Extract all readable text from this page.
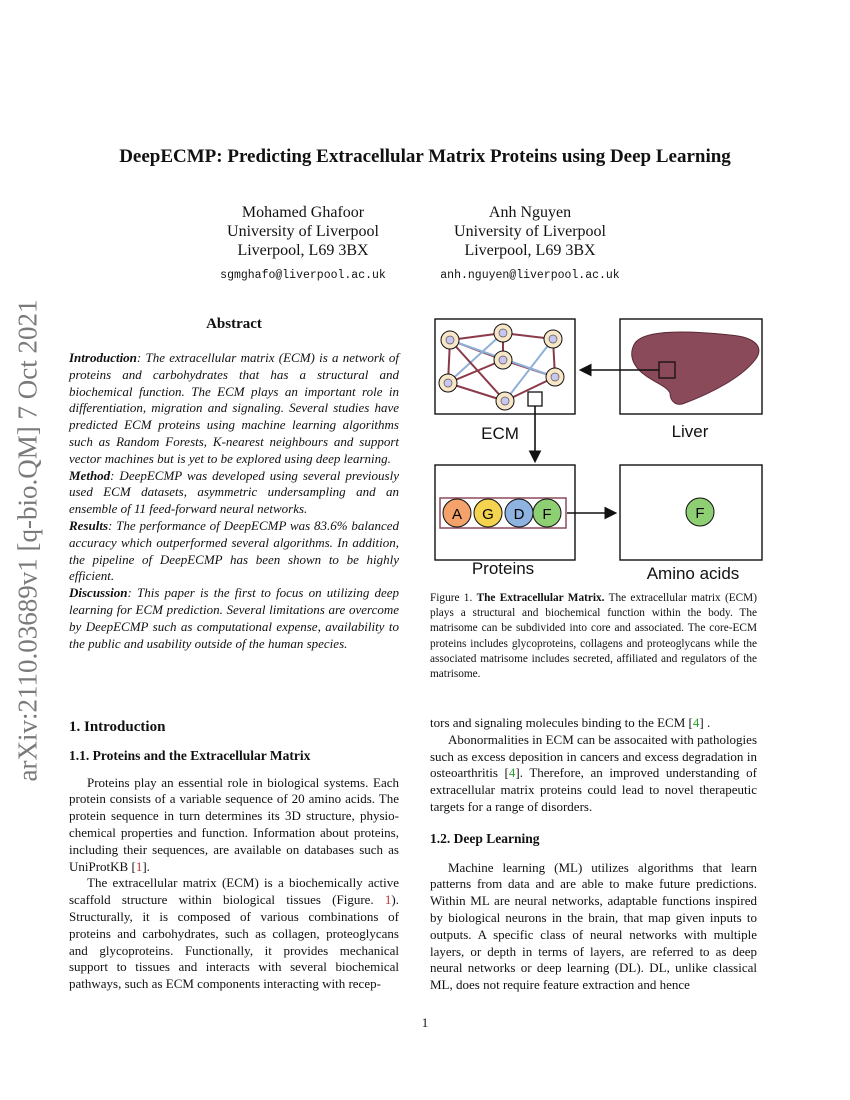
arXiv:2110.03689v1 [q-bio.QM] 7 Oct 2021
DeepECMP: Predicting Extracellular Matrix Proteins using Deep Learning
Mohamed Ghafoor
University of Liverpool
Liverpool, L69 3BX
sgmghafo@liverpool.ac.uk
Anh Nguyen
University of Liverpool
Liverpool, L69 3BX
anh.nguyen@liverpool.ac.uk
Abstract

Introduction: The extracellular matrix (ECM) is a network of proteins and carbohydrates that has a structural and biochemical function. The ECM plays an important role in differentiation, migration and signaling. Several studies have predicted ECM proteins using machine learning algorithms such as Random Forests, K-nearest neighbours and support vector machines but is yet to be explored using deep learning.

Method: DeepECMP was developed using several previously used ECM datasets, asymmetric undersampling and an ensemble of 11 feed-forward neural networks.

Results: The performance of DeepECMP was 83.6% balanced accuracy which outperformed several algorithms. In addition, the pipeline of DeepECMP has been shown to be highly efficient.

Discussion: This paper is the first to focus on utilizing deep learning for ECM prediction. Several limitations are overcome by DeepECMP such as computational expense, availability to the public and usability outside of the human species.

A G D F	F
ECM	Liver
Proteins	Amino acids
Figure 1. The Extracellular Matrix. The extracellular matrix (ECM) plays a structural and biochemical function within the body. The matrisome can be subdivided into core and associated. The core-ECM proteins includes glycoproteins, collagens and proteoglycans while the associated matrisome includes secreted, affiliated and regulators of the matrisome.
1. Introduction
1.1. Proteins and the Extracellular Matrix

Proteins play an essential role in biological systems. Each protein consists of a variable sequence of 20 amino acids. The protein sequence in turn determines its 3D structure, physio-chemical properties and function. Information about proteins, including their sequences, are available on databases such as UniProtKB [1].

The extracellular matrix (ECM) is a biochemically active scaffold structure within biological tissues (Figure. 1). Structurally, it is composed of various combinations of proteins and carbohydrates, such as collagen, proteoglycans and glycoproteins. Functionally, it provides mechanical support to tissues and interacts with several biochemical pathways, such as ECM components interacting with recep-

tors and signaling molecules binding to the ECM [4] .

Abonormalities in ECM can be assocaited with pathologies such as excess deposition in cancers and excess degradation in osteoarthritis [4]. Therefore, an improved understanding of extracellular matrix proteins could lead to novel therapeutic targets for a range of disorders.

1.2. Deep Learning

Machine learning (ML) utilizes algorithms that learn patterns from data and are able to make future predictions. Within ML are neural networks, adaptable functions inspired by biological neurons in the brain, that map given inputs to outputs. A specific class of neural networks with multiple layers, or depth in terms of layers, are referred to as deep neural networks or deep learning (DL). DL, unlike classical ML, does not require feature extraction and hence

1
